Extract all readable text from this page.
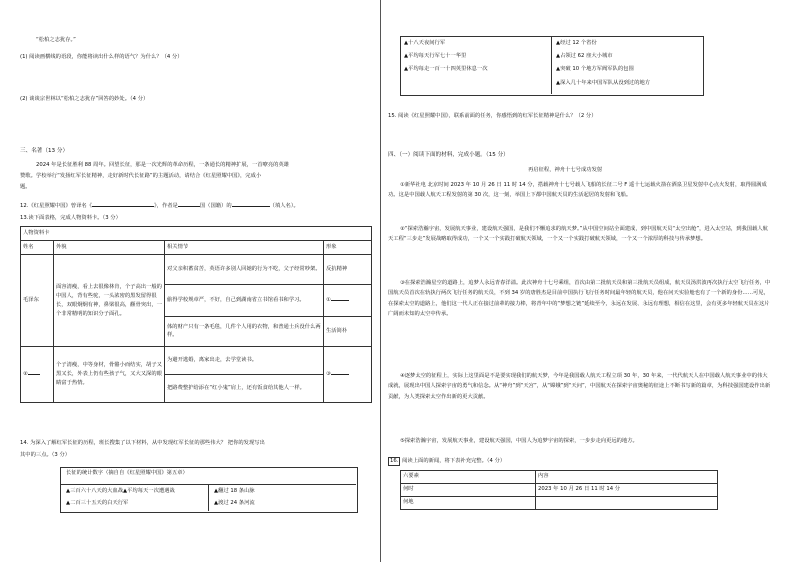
“松柏之志犹存。”
(1) 阅读画横线的语段，你能将读出什么样的语气？为什么？（4 分）
(2) 谈谈宗世林以“松柏之志犹存”回答的妙处。（4 分）
三、名著（13 分）
2024 年是长征胜利 88 周年。回望长征，那是一次光辉的革命历程，一条通长的精神扩展，一首嘹亮的英雄
赞歌。学校举行“发扬红军长征精神，走好新时代长征路”的主题活动，请结合《红星照耀中国》，完成小
题。
12.《红星照耀中国》曾译名《	》，作者是	国（国籍）的	（填人名）。
13.读下面表格，完成人物资料卡。（3 分）
人物资料卡			
姓名	外貌	相关情节	形象
毛泽东	面容清瘦，看上去很像林肯，个子高出一般的中国人，背有些驼，一头浓密的黑发留得很长，双眼炯炯有神，鼻梁很高，颧骨突出，一个非常精明的知识分子面孔。	对父亲积蓄贫苦，英语许多别人回她的行为不吃，父子经常吵架。	反抗精神
		偷得学校规章严，不好，自己到湖南省立书馆看书和学习。	①
		体的财产只有一条毛毯，几件个人用的衣物，和普通士兵没什么两样。	生活简朴
②	个子清瘦，中等身材，骨骼小而结实，胡子又黑又长，外表上仍有些孩子气，又大又深的眼睛富于热情。	为避开逃婚，离家出走，去学堂读书。	③
		把路费整护给添在“红小鬼”肩上，还有饭食给其他人一样。	
14. 为深入了解红军长征的历程，班长搜集了以下材料，从中发现红军长征的那些伟大？ 把你的发现写出
其中的三点。（3 分）
长征的统计数字（摘自自《红星照耀中国》第五章）
▲三百六十八天的大血战▲平均每天一次遭遇战	▲翻过 18 条山脉
▲二百三十五天的白天行军	▲渡过 24 条河流
▲十八天夜间行军	▲经过 12 个省份
▲平均每天行军七十一华里	▲占领过 62 座大小城市
▲平均每走一百一十四英里休息一次	▲突破 10 个地方军阀军队的包围
▲深入几十年来中国军队从没到过的地方
15. 阅读《红星照耀中国》，联系前面的任务，你感悟到的红军长征精神是什么？（2 分）
四、（一）阅读下面的材料，完成小题。（15 分）
再启征程，神舟十七号成功发射
①新华社电 北京时间 2023 年 10 月 26 日 11 时 14 分，搭载神舟十七号载人飞船的长征二号 F 遥十七运载火箭在酒泉卫星发射中心点火发射，取得圆满成功。这是中国载人航天工程发射的第 30 次，这一刻，举国上下都中国航天员的生活起居的发射和飞船。
②“探索浩瀚宇宙，发展航天事业，建设航天强国，是我们不懈追求的航天梦。”从中国空间站全面建成，到中国航天员“太空出舱”，进入太空站，到我国载人航天工程“三步走”发展战略取得成功，一个又一个实践打破航天领域，一个又一个实践打破航天领域，一个又一个浓厚的科技与传承梦想。
③在探索浩瀚星空的道路上，追梦人永远青春洋溢。此次神舟十七号乘组，首次由第二批航天员和第三批航天员组成，航天员汤洪波再次执行太空飞行任务，中国航天员首次在轨执行两次飞行任务的航天员，不到 34 岁的唐胜杰是目前中国执行飞行任务时间最年轻的航天员，他在问天实验舱也有了一个新的身份……可见，在探索太空的道路上，他们这一代人正在接过前辈的接力棒，将青年中的“梦想之链”延续至今，永远在发展、永远有理想，相信在这里，会有更多年轻航天员在这片广阔而未知的太空中传承。
④逐梦太空的征程上，实际上这里面是不是要实现我们的航天梦，今年是我国载人航天工程立项 30 年，30 年来，一代代航天人在中国载人航天事业中的伟大成就，展现出中国人探索宇宙的勇气和信念。从“神舟”到“天宫”，从“嫦娥”到“天问”，中国航天在探索宇宙奥秘的征途上不断书写新的篇章，为科技强国建设作出新贡献，为人类探索太空作出新的更大贡献。
⑤探索浩瀚宇宙，发展航天事业，建设航天强国，中国人为追梦宇宙的探索，一步步走向更远的地方。
16. 阅读上面的新闻，将下表补充完整。（4 分）
六要素	内容
何时	2023 年 10 月 26 日 11 时 14 分
何地	
